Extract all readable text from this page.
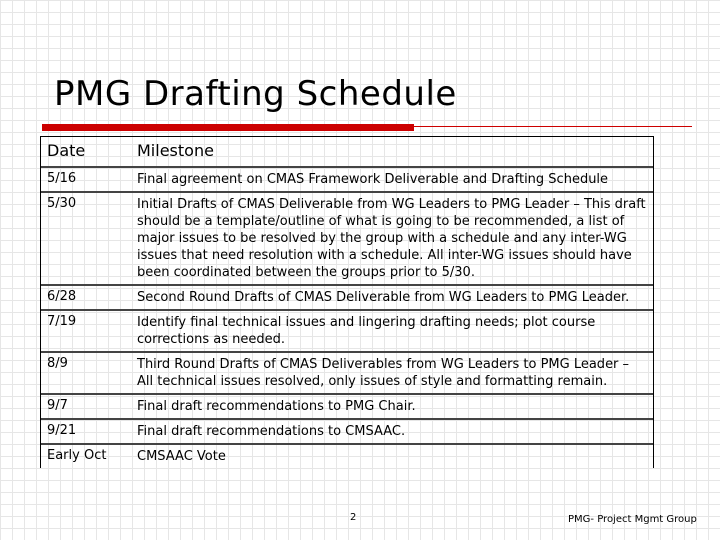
PMG Drafting Schedule
Date	Milestone
5/16	Final agreement on CMAS Framework Deliverable and Drafting Schedule
5/30	Initial Drafts of CMAS Deliverable from WG Leaders to PMG Leader – This draft should be a template/outline of what is going to be recommended, a list of major issues to be resolved by the group with a schedule and any inter-WG issues that need resolution with a schedule. All inter-WG issues should have been coordinated between the groups prior to 5/30.
6/28	Second Round Drafts of CMAS Deliverable from WG Leaders to PMG Leader.
7/19	Identify final technical issues and lingering drafting needs; plot course corrections as needed.
8/9	Third Round Drafts of CMAS Deliverables from WG Leaders to PMG Leader – All technical issues resolved, only issues of style and formatting remain.
9/7	Final draft recommendations to PMG Chair.
9/21	Final draft recommendations to CMSAAC.
Early Oct	CMSAAC Vote
2	PMG- Project Mgmt Group
